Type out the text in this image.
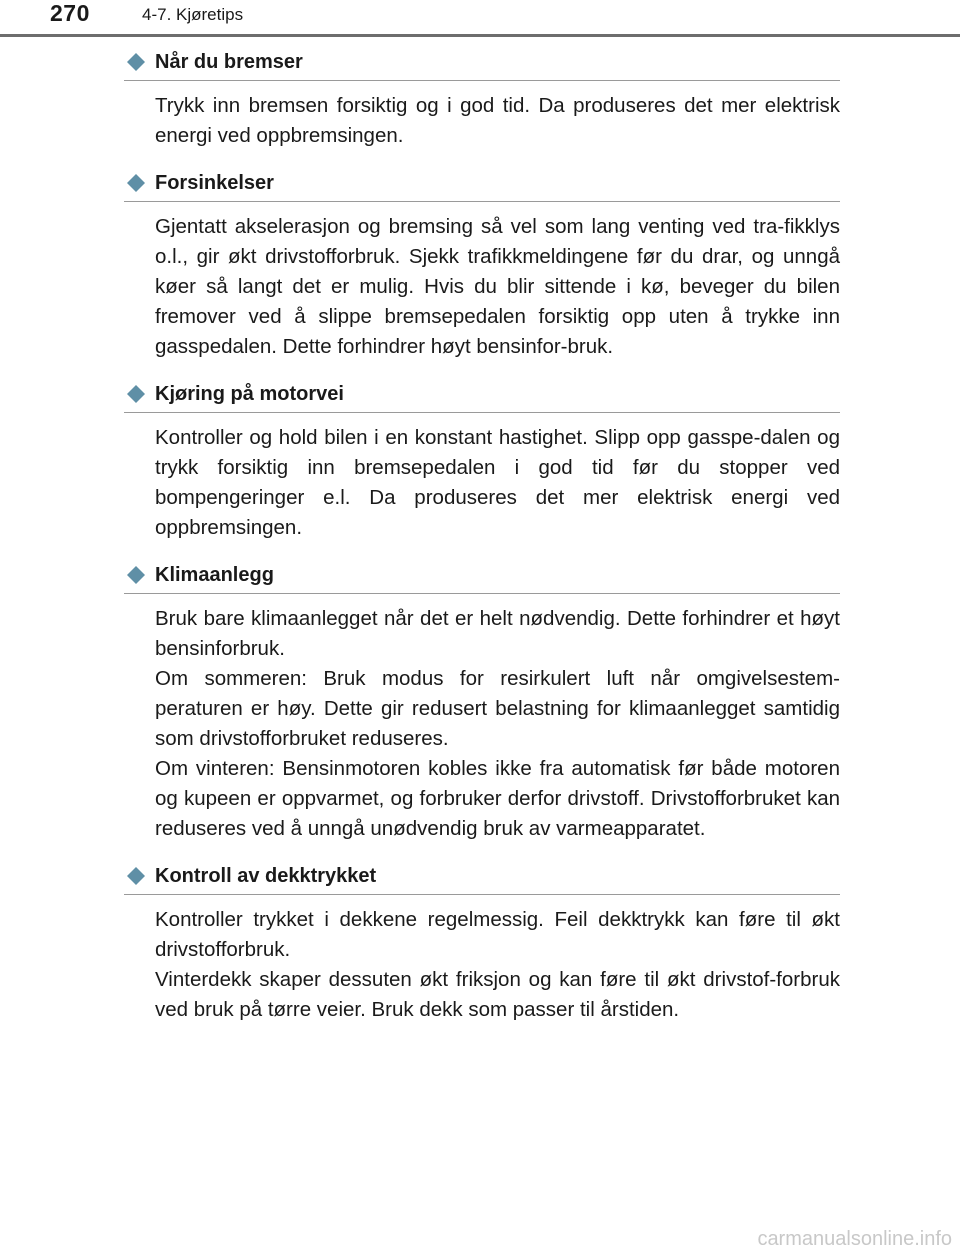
270	4-7. Kjøretips
Når du bremser

Trykk inn bremsen forsiktig og i god tid. Da produseres det mer elektrisk energi ved oppbremsingen.

Forsinkelser

Gjentatt akselerasjon og bremsing så vel som lang venting ved tra-fikklys o.l., gir økt drivstofforbruk. Sjekk trafikkmeldingene før du drar, og unngå køer så langt det er mulig. Hvis du blir sittende i kø, beveger du bilen fremover ved å slippe bremsepedalen forsiktig opp uten å trykke inn gasspedalen. Dette forhindrer høyt bensinfor-bruk.

Kjøring på motorvei

Kontroller og hold bilen i en konstant hastighet. Slipp opp gasspe-dalen og trykk forsiktig inn bremsepedalen i god tid før du stopper ved bompengeringer e.l. Da produseres det mer elektrisk energi ved oppbremsingen.

Klimaanlegg

Bruk bare klimaanlegget når det er helt nødvendig. Dette forhindrer et høyt bensinforbruk.

Om sommeren: Bruk modus for resirkulert luft når omgivelsestem-peraturen er høy. Dette gir redusert belastning for klimaanlegget samtidig som drivstofforbruket reduseres.

Om vinteren: Bensinmotoren kobles ikke fra automatisk før både motoren og kupeen er oppvarmet, og forbruker derfor drivstoff. Drivstofforbruket kan reduseres ved å unngå unødvendig bruk av varmeapparatet.

Kontroll av dekktrykket

Kontroller trykket i dekkene regelmessig. Feil dekktrykk kan føre til økt drivstofforbruk.

Vinterdekk skaper dessuten økt friksjon og kan føre til økt drivstof-forbruk ved bruk på tørre veier. Bruk dekk som passer til årstiden.

carmanualsonline.info
